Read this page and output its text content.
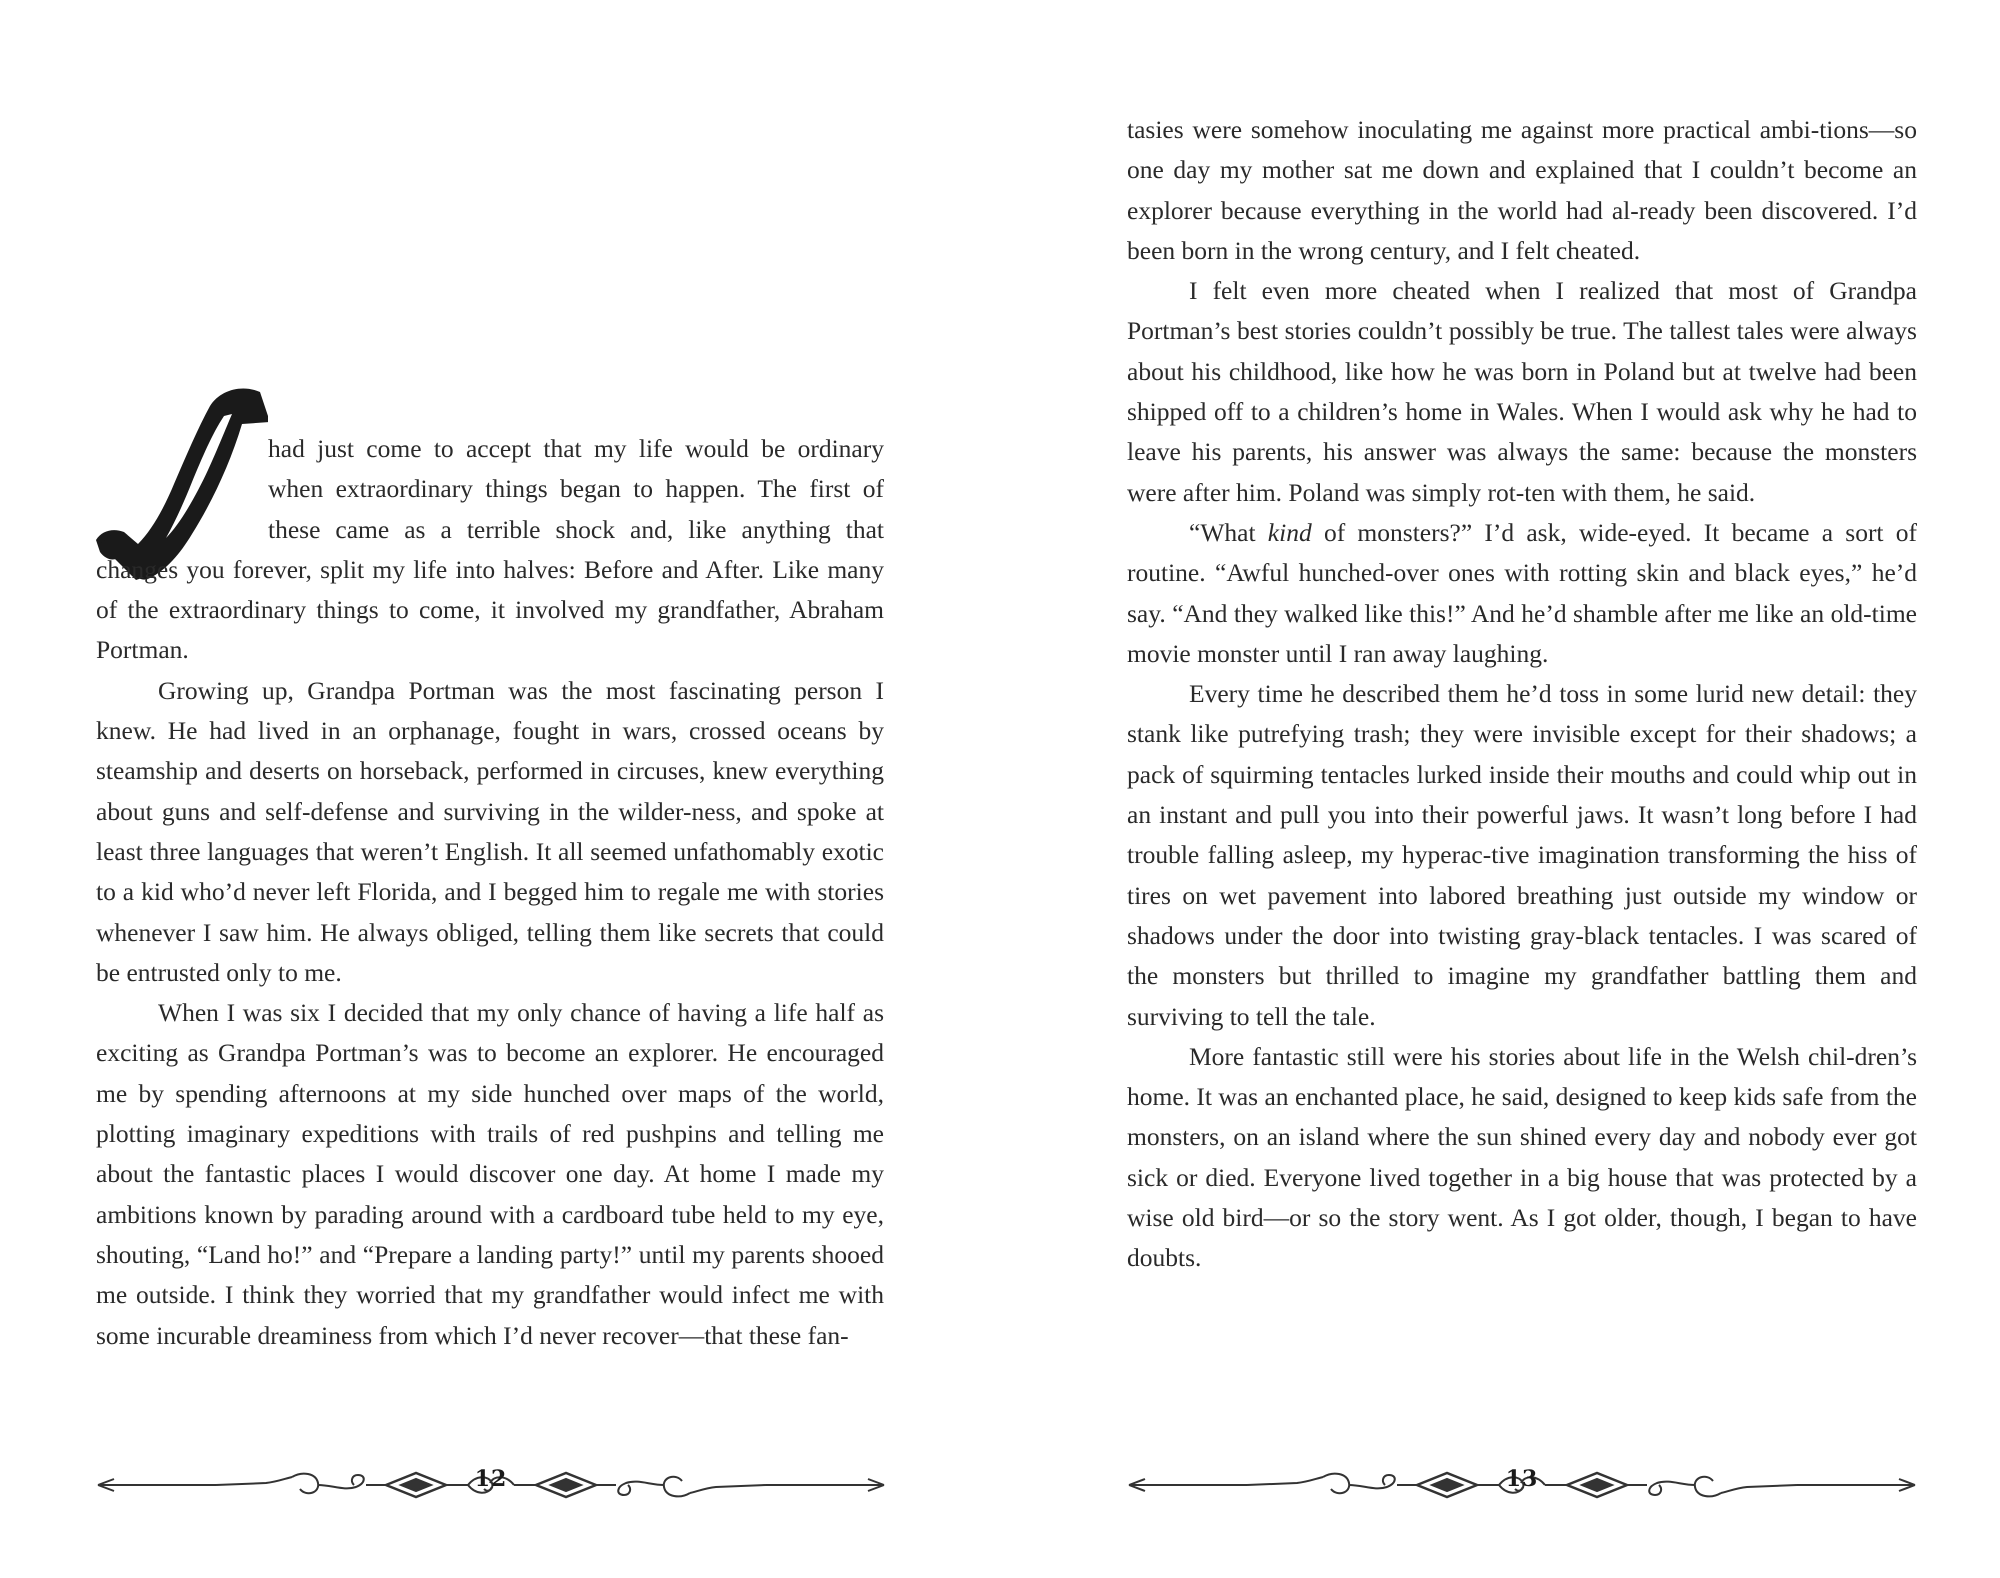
had just come to accept that my life would be ordinary when extraordinary things began to happen. The first of these came as a terrible shock and, like anything that changes you forever, split my life into halves: Before and After. Like many of the extraordinary things to come, it involved my grandfather, Abraham Portman.

Growing up, Grandpa Portman was the most fascinating person I knew. He had lived in an orphanage, fought in wars, crossed oceans by steamship and deserts on horseback, performed in circuses, knew everything about guns and self-defense and surviving in the wilder-ness, and spoke at least three languages that weren’t English. It all seemed unfathomably exotic to a kid who’d never left Florida, and I begged him to regale me with stories whenever I saw him. He always obliged, telling them like secrets that could be entrusted only to me.

When I was six I decided that my only chance of having a life half as exciting as Grandpa Portman’s was to become an explorer. He encouraged me by spending afternoons at my side hunched over maps of the world, plotting imaginary expeditions with trails of red pushpins and telling me about the fantastic places I would discover one day. At home I made my ambitions known by parading around with a cardboard tube held to my eye, shouting, “Land ho!” and “Prepare a landing party!” until my parents shooed me outside. I think they worried that my grandfather would infect me with some incurable dreaminess from which I’d never recover—that these fan-

12

tasies were somehow inoculating me against more practical ambi-tions—so one day my mother sat me down and explained that I couldn’t become an explorer because everything in the world had al-ready been discovered. I’d been born in the wrong century, and I felt cheated.

I felt even more cheated when I realized that most of Grandpa Portman’s best stories couldn’t possibly be true. The tallest tales were always about his childhood, like how he was born in Poland but at twelve had been shipped off to a children’s home in Wales. When I would ask why he had to leave his parents, his answer was always the same: because the monsters were after him. Poland was simply rot-ten with them, he said.

“What kind of monsters?” I’d ask, wide-eyed. It became a sort of routine. “Awful hunched-over ones with rotting skin and black eyes,” he’d say. “And they walked like this!” And he’d shamble after me like an old-time movie monster until I ran away laughing.

Every time he described them he’d toss in some lurid new detail: they stank like putrefying trash; they were invisible except for their shadows; a pack of squirming tentacles lurked inside their mouths and could whip out in an instant and pull you into their powerful jaws. It wasn’t long before I had trouble falling asleep, my hyperac-tive imagination transforming the hiss of tires on wet pavement into labored breathing just outside my window or shadows under the door into twisting gray-black tentacles. I was scared of the monsters but thrilled to imagine my grandfather battling them and surviving to tell the tale.

More fantastic still were his stories about life in the Welsh chil-dren’s home. It was an enchanted place, he said, designed to keep kids safe from the monsters, on an island where the sun shined every day and nobody ever got sick or died. Everyone lived together in a big house that was protected by a wise old bird—or so the story went. As I got older, though, I began to have doubts.

13
